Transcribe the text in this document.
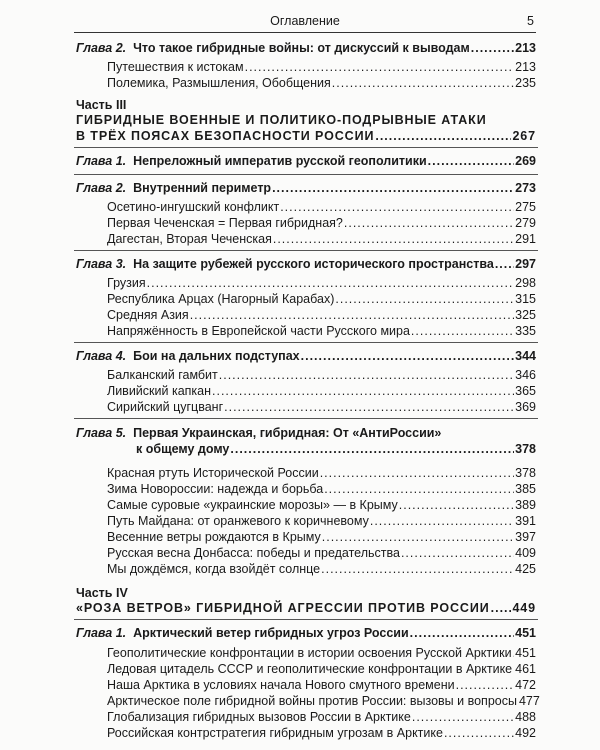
Оглавление	5
Глава 2. Что такое гибридные войны: от дискуссий к выводам .....	213
Путешествия к истокам .....	213
Полемика, Размышления, Обобщения .....	235
Часть III
ГИБРИДНЫЕ ВОЕННЫЕ И ПОЛИТИКО-ПОДРЫВНЫЕ АТАКИ
В ТРЁХ ПОЯСАХ БЕЗОПАСНОСТИ РОССИИ .....	267
Глава 1. Непреложный императив русской геополитики .....	269
Глава 2. Внутренний периметр .....	273
Осетино-ингушский конфликт .....	275
Первая Чеченская = Первая гибридная? .....	279
Дагестан, Вторая Чеченская .....	291
Глава 3. На защите рубежей русского исторического пространства ..... 297
Грузия .....	298
Республика Арцах (Нагорный Карабах) .....	315
Средняя Азия .....	325
Напряжённость в Европейской части Русского мира .....	335
Глава 4. Бои на дальних подступах .....	344
Балканский гамбит .....	346
Ливийский капкан .....	365
Сирийский цугцванг .....	369
Глава 5. Первая Украинская, гибридная: От «АнтиРоссии»
к общему дому .....	378
Красная ртуть Исторической России .....	378
Зима Новороссии: надежда и борьба .....	385
Самые суровые «украинские морозы» — в Крыму .....	389
Путь Майдана: от оранжевого к коричневому .....	391
Весенние ветры рождаются в Крыму .....	397
Русская весна Донбасса: победы и предательства .....	409
Мы дождёмся, когда взойдёт солнце .....	425
Часть IV
«РОЗА ВЕТРОВ» ГИБРИДНОЙ АГРЕССИИ ПРОТИВ РОССИИ ..... 449
Глава 1. Арктический ветер гибридных угроз России .....	451
Геополитические конфронтации в истории освоения Русской Арктики ..... 451
Ледовая цитадель СССР и геополитические конфронтации в Арктике ..... 461
Наша Арктика в условиях начала Нового смутного времени .....	472
Арктическое поле гибридной войны против России: вызовы и вопросы 477
Глобализация гибридных вызовов России в Арктике .....	488
Российская контрстратегия гибридным угрозам в Арктике .....	492
